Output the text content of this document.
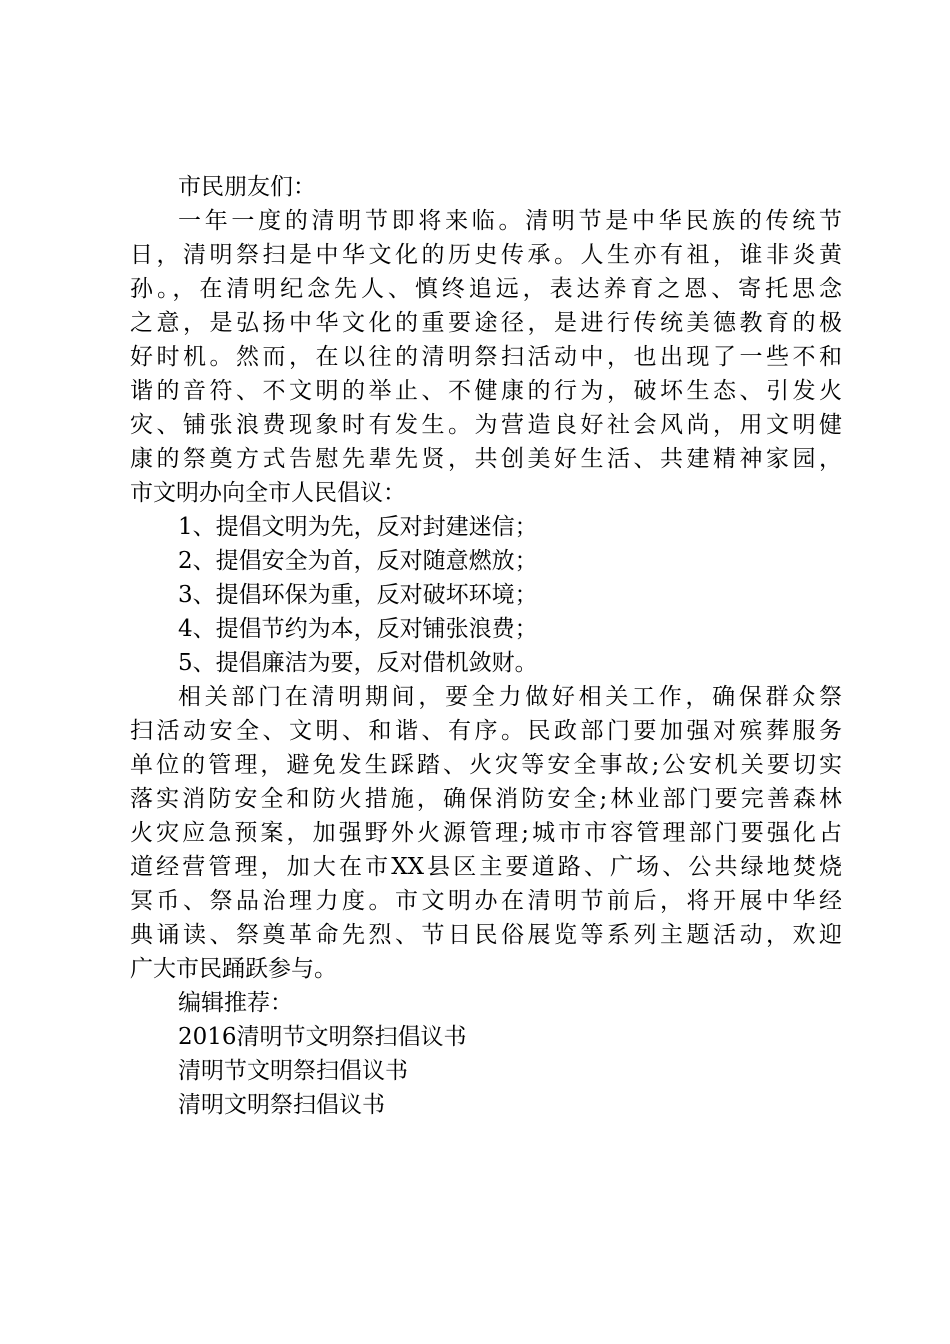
市民朋友们：
一年一度的清明节即将来临。清明节是中华民族的传统节
日，清明祭扫是中华文化的历史传承。人生亦有祖，谁非炎黄
孙。，在清明纪念先人、慎终追远，表达养育之恩、寄托思念
之意，是弘扬中华文化的重要途径，是进行传统美德教育的极
好时机。然而，在以往的清明祭扫活动中，也出现了一些不和
谐的音符、不文明的举止、不健康的行为，破坏生态、引发火
灾、铺张浪费现象时有发生。为营造良好社会风尚，用文明健
康的祭奠方式告慰先辈先贤，共创美好生活、共建精神家园，
市文明办向全市人民倡议：
1、提倡文明为先，反对封建迷信；
2、提倡安全为首，反对随意燃放；
3、提倡环保为重，反对破坏环境；
4、提倡节约为本，反对铺张浪费；
5、提倡廉洁为要，反对借机敛财。
相关部门在清明期间，要全力做好相关工作，确保群众祭
扫活动安全、文明、和谐、有序。民政部门要加强对殡葬服务
单位的管理，避免发生踩踏、火灾等安全事故;公安机关要切实
落实消防安全和防火措施，确保消防安全;林业部门要完善森林
火灾应急预案，加强野外火源管理;城市市容管理部门要强化占
道经营管理，加大在市XX县区主要道路、广场、公共绿地焚烧
冥币、祭品治理力度。市文明办在清明节前后，将开展中华经
典诵读、祭奠革命先烈、节日民俗展览等系列主题活动，欢迎
广大市民踊跃参与。
编辑推荐：
2016清明节文明祭扫倡议书
清明节文明祭扫倡议书
清明文明祭扫倡议书
